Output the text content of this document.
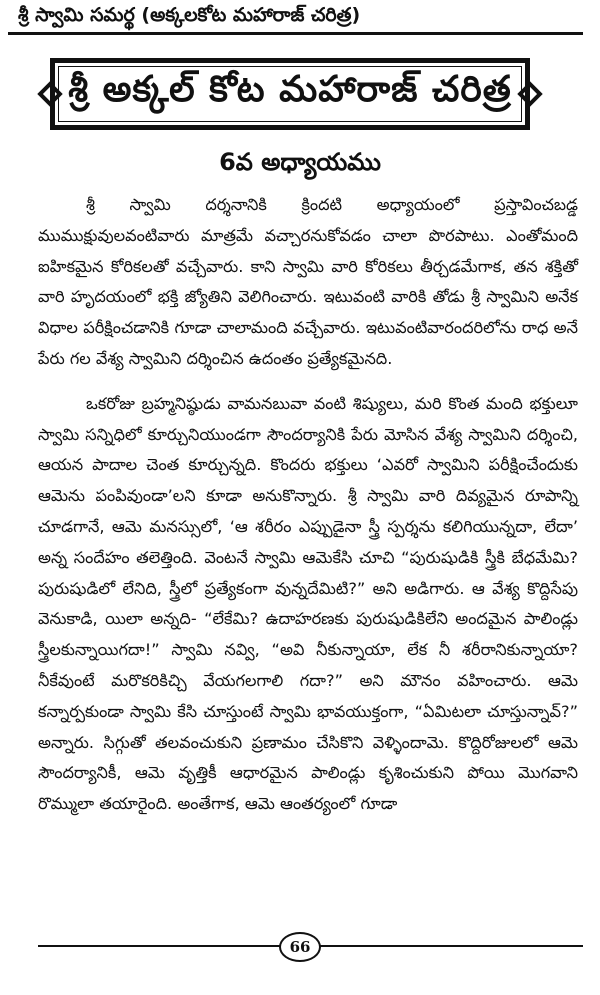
శ్రీ స్వామి సమర్థ (అక్కలకోట మహారాజ్ చరిత్ర)
శ్రీ అక్కల్ కోట మహారాజ్ చరిత్ర
6వ అధ్యాయము

శ్రీ స్వామి దర్శనానికి క్రిందటి అధ్యాయంలో ప్రస్తావించబడ్డ ముముక్షువులవంటివారు మాత్రమే వచ్చారనుకోవడం చాలా పొరపాటు. ఎంతోమంది ఐహికమైన కోరికలతో వచ్చేవారు. కాని స్వామి వారి కోరికలు తీర్చడమేగాక, తన శక్తితో వారి హృదయంలో భక్తి జ్యోతిని వెలిగించారు. ఇటువంటి వారికి తోడు శ్రీ స్వామిని అనేక విధాల పరీక్షించడానికి గూడా చాలామంది వచ్చేవారు. ఇటువంటివారందరిలోను రాధ అనే పేరు గల వేశ్య స్వామిని దర్శించిన ఉదంతం ప్రత్యేకమైనది.

ఒకరోజు బ్రహ్మనిష్ఠుడు వామనబువా వంటి శిష్యులు, మరి కొంత మంది భక్తులూ స్వామి సన్నిధిలో కూర్చునియుండగా సౌందర్యానికి పేరు మోసిన వేశ్య స్వామిని దర్శించి, ఆయన పాదాల చెంత కూర్చున్నది. కొందరు భక్తులు ‘ఎవరో స్వామిని పరీక్షించేందుకు ఆమెను పంపివుండా’లని కూడా అనుకొన్నారు. శ్రీ స్వామి వారి దివ్యమైన రూపాన్ని చూడగానే, ఆమె మనస్సులో, ‘ఆ శరీరం ఎప్పుడైనా స్త్రీ స్పర్శను కలిగియున్నదా, లేదా’ అన్న సందేహం తలెత్తింది. వెంటనే స్వామి ఆమెకేసి చూచి “పురుషుడికి స్త్రీకి బేధమేమి? పురుషుడిలో లేనిది, స్త్రీలో ప్రత్యేకంగా వున్నదేమిటి?” అని అడిగారు. ఆ వేశ్య కొద్దిసేపు వెనుకాడి, యిలా అన్నది- “లేకేమి? ఉదాహరణకు పురుషుడికిలేని అందమైన పాలిండ్లు స్త్రీలకున్నాయిగదా!” స్వామి నవ్వి, “అవి నీకున్నాయా, లేక నీ శరీరానికున్నాయా? నీకేవుంటే మరొకరికిచ్చి వేయగలగాలి గదా?” అని మౌనం వహించారు. ఆమె కన్నార్పకుండా స్వామి కేసి చూస్తుంటే స్వామి భావయుక్తంగా, “ఏమిటలా చూస్తున్నావ్?” అన్నారు. సిగ్గుతో తలవంచుకుని ప్రణామం చేసికొని వెళ్ళిందామె. కొద్దిరోజులలో ఆమె సౌందర్యానికీ, ఆమె వృత్తికీ ఆధారమైన పాలిండ్లు కృశించుకుని పోయి మొగవాని రొమ్ములా తయారైంది. అంతేగాక, ఆమె ఆంతర్యంలో గూడా

66
